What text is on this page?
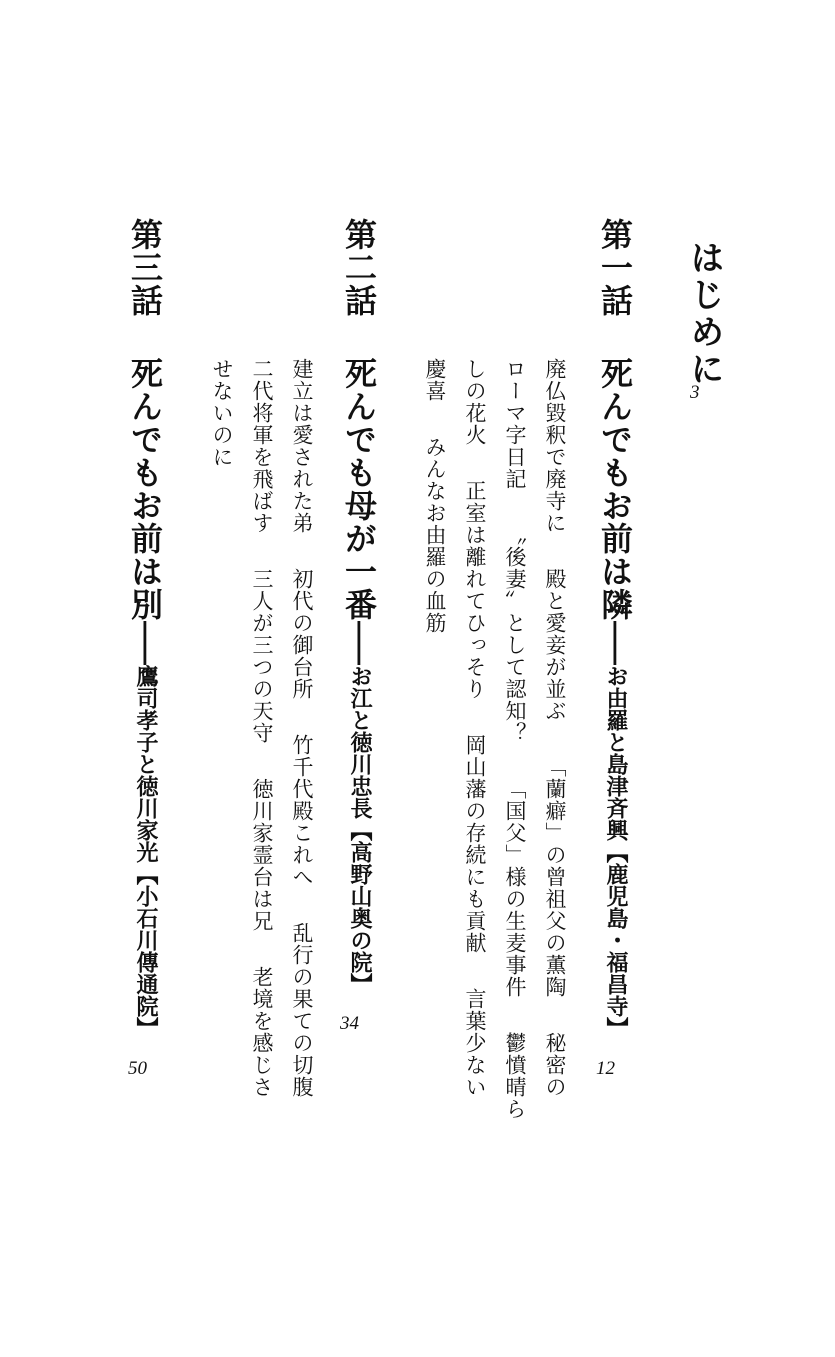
はじめに
3
第一話死んでもお前は隣――お由羅と島津斉興【鹿児島・福昌寺】
12
廃仏毀釈で廃寺に殿と愛妾が並ぶ「蘭癖」の曾祖父の薫陶秘密の
ローマ字日記〝後妻〟として認知？「国父」様の生麦事件鬱憤晴ら
しの花火正室は離れてひっそり岡山藩の存続にも貢献言葉少ない
慶喜みんなお由羅の血筋
第二話死んでも母が一番――お江と徳川忠長【高野山奥の院】
34
建立は愛された弟初代の御台所竹千代殿これへ乱行の果ての切腹
二代将軍を飛ばす三人が三つの天守徳川家霊台は兄老境を感じさ
せないのに
第三話死んでもお前は別――鷹司孝子と徳川家光【小石川傳通院】
50
